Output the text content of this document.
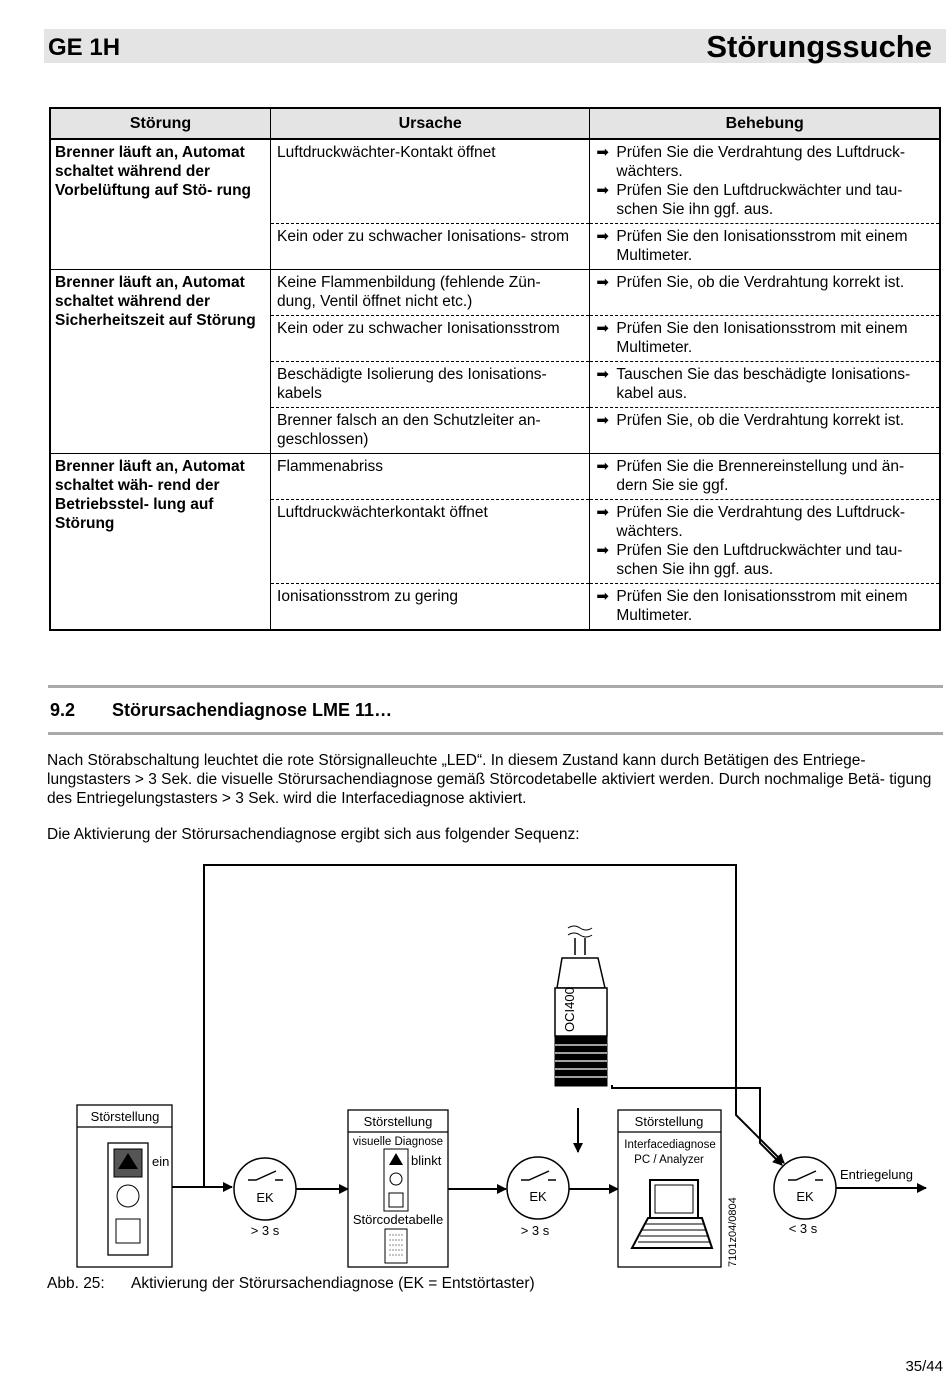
GE 1H	Störungssuche
Störung	Ursache	Behebung
Brenner läuft an, Automat schaltet während der Vorbelüftung auf Stö- rung	Luftdruckwächter-Kontakt öffnet	➡ Prüfen Sie die Verdrahtung des Luftdruck- wächters.
➡ Prüfen Sie den Luftdruckwächter und tau- schen Sie ihn ggf. aus.

	Kein oder zu schwacher Ionisations- strom	➡ Prüfen Sie den Ionisationsstrom mit einem Multimeter.

Brenner läuft an, Automat schaltet während der Sicherheitszeit auf Störung	Keine Flammenbildung (fehlende Zün- dung, Ventil öffnet nicht etc.)	➡ Prüfen Sie, ob die Verdrahtung korrekt ist.

	Kein oder zu schwacher Ionisationsstrom	➡ Prüfen Sie den Ionisationsstrom mit einem Multimeter.

	Beschädigte Isolierung des Ionisations- kabels	➡ Tauschen Sie das beschädigte Ionisations- kabel aus.

	Brenner falsch an den Schutzleiter an- geschlossen)	➡ Prüfen Sie, ob die Verdrahtung korrekt ist.

Brenner läuft an, Automat schaltet wäh- rend der Betriebsstel- lung auf Störung	Flammenabriss	➡ Prüfen Sie die Brennereinstellung und än- dern Sie sie ggf.

	Luftdruckwächterkontakt öffnet	➡ Prüfen Sie die Verdrahtung des Luftdruck- wächters.
➡ Prüfen Sie den Luftdruckwächter und tau- schen Sie ihn ggf. aus.

	Ionisationsstrom zu gering	➡ Prüfen Sie den Ionisationsstrom mit einem Multimeter.
9.2 Störursachendiagnose LME 11…
Nach Störabschaltung leuchtet die rote Störsignalleuchte „LED“. In diesem Zustand kann durch Betätigen des Entriege- lungstasters > 3 Sek. die visuelle Störursachendiagnose gemäß Störcodetabelle aktiviert werden. Durch nochmalige Betä- tigung des Entriegelungstasters > 3 Sek. wird die Interfacediagnose aktiviert.
Die Aktivierung der Störursachendiagnose ergibt sich aus folgender Sequenz:
Störstellung
ein
EK
> 3 s
Störstellung
visuelle Diagnose
blinkt
Störcodetabelle
EK
> 3 s
OCI400
Störstellung
Interfacediagnose
PC / Analyzer
7101z04/0804
EK
< 3 s
Entriegelung
Abb. 25: Aktivierung der Störursachendiagnose (EK = Entstörtaster)
35/44
